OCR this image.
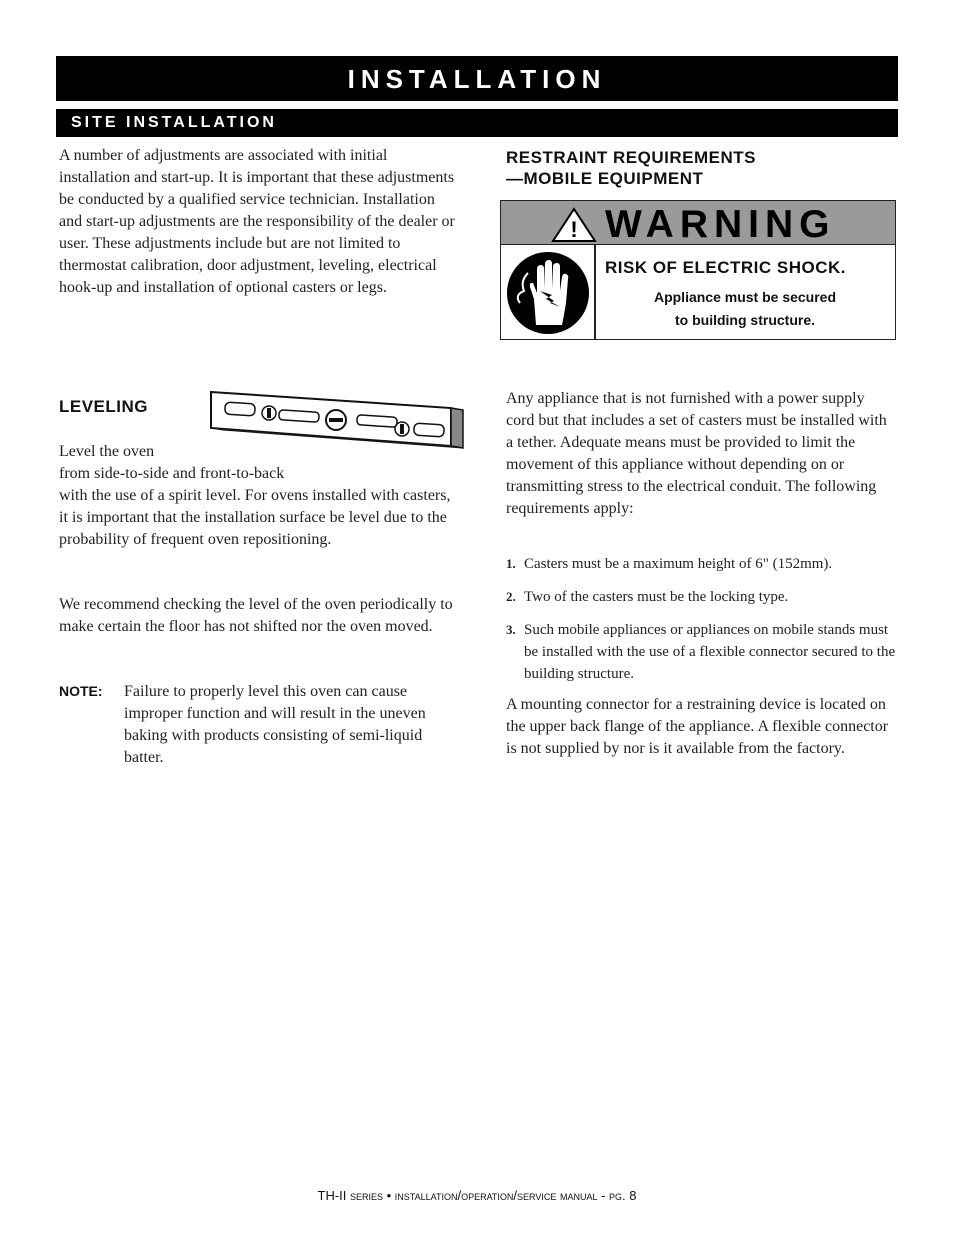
INSTALLATION
SITE INSTALLATION

A number of adjustments are associated with initial installation and start-up. It is important that these adjustments be conducted by a qualified service technician. Installation and start-up adjustments are the responsibility of the dealer or user. These adjustments include but are not limited to thermostat calibration, door adjustment, leveling, electrical hook-up and installation of optional casters or legs.

RESTRAINT REQUIREMENTS
—MOBILE EQUIPMENT
! WARNING
RISK OF ELECTRIC SHOCK.
Appliance must be secured
to building structure.
LEVELING
Level the oven
from side-to-side and front-to-back
with the use of a spirit level. For ovens installed with casters, it is important that the installation surface be level due to the probability of frequent oven repositioning.

We recommend checking the level of the oven periodically to make certain the floor has not shifted nor the oven moved.

NOTE: Failure to properly level this oven can cause improper function and will result in the uneven baking with products consisting of semi-liquid batter.

Any appliance that is not furnished with a power supply cord but that includes a set of casters must be installed with a tether. Adequate means must be provided to limit the movement of this appliance without depending on or transmitting stress to the electrical conduit. The following requirements apply:

1. Casters must be a maximum height of 6" (152mm).
2. Two of the casters must be the locking type.
3. Such mobile appliances or appliances on mobile stands must be installed with the use of a flexible connector secured to the building structure.

A mounting connector for a restraining device is located on the upper back flange of the appliance. A flexible connector is not supplied by nor is it available from the factory.

TH-II series • installation/operation/service manual - pg. 8
